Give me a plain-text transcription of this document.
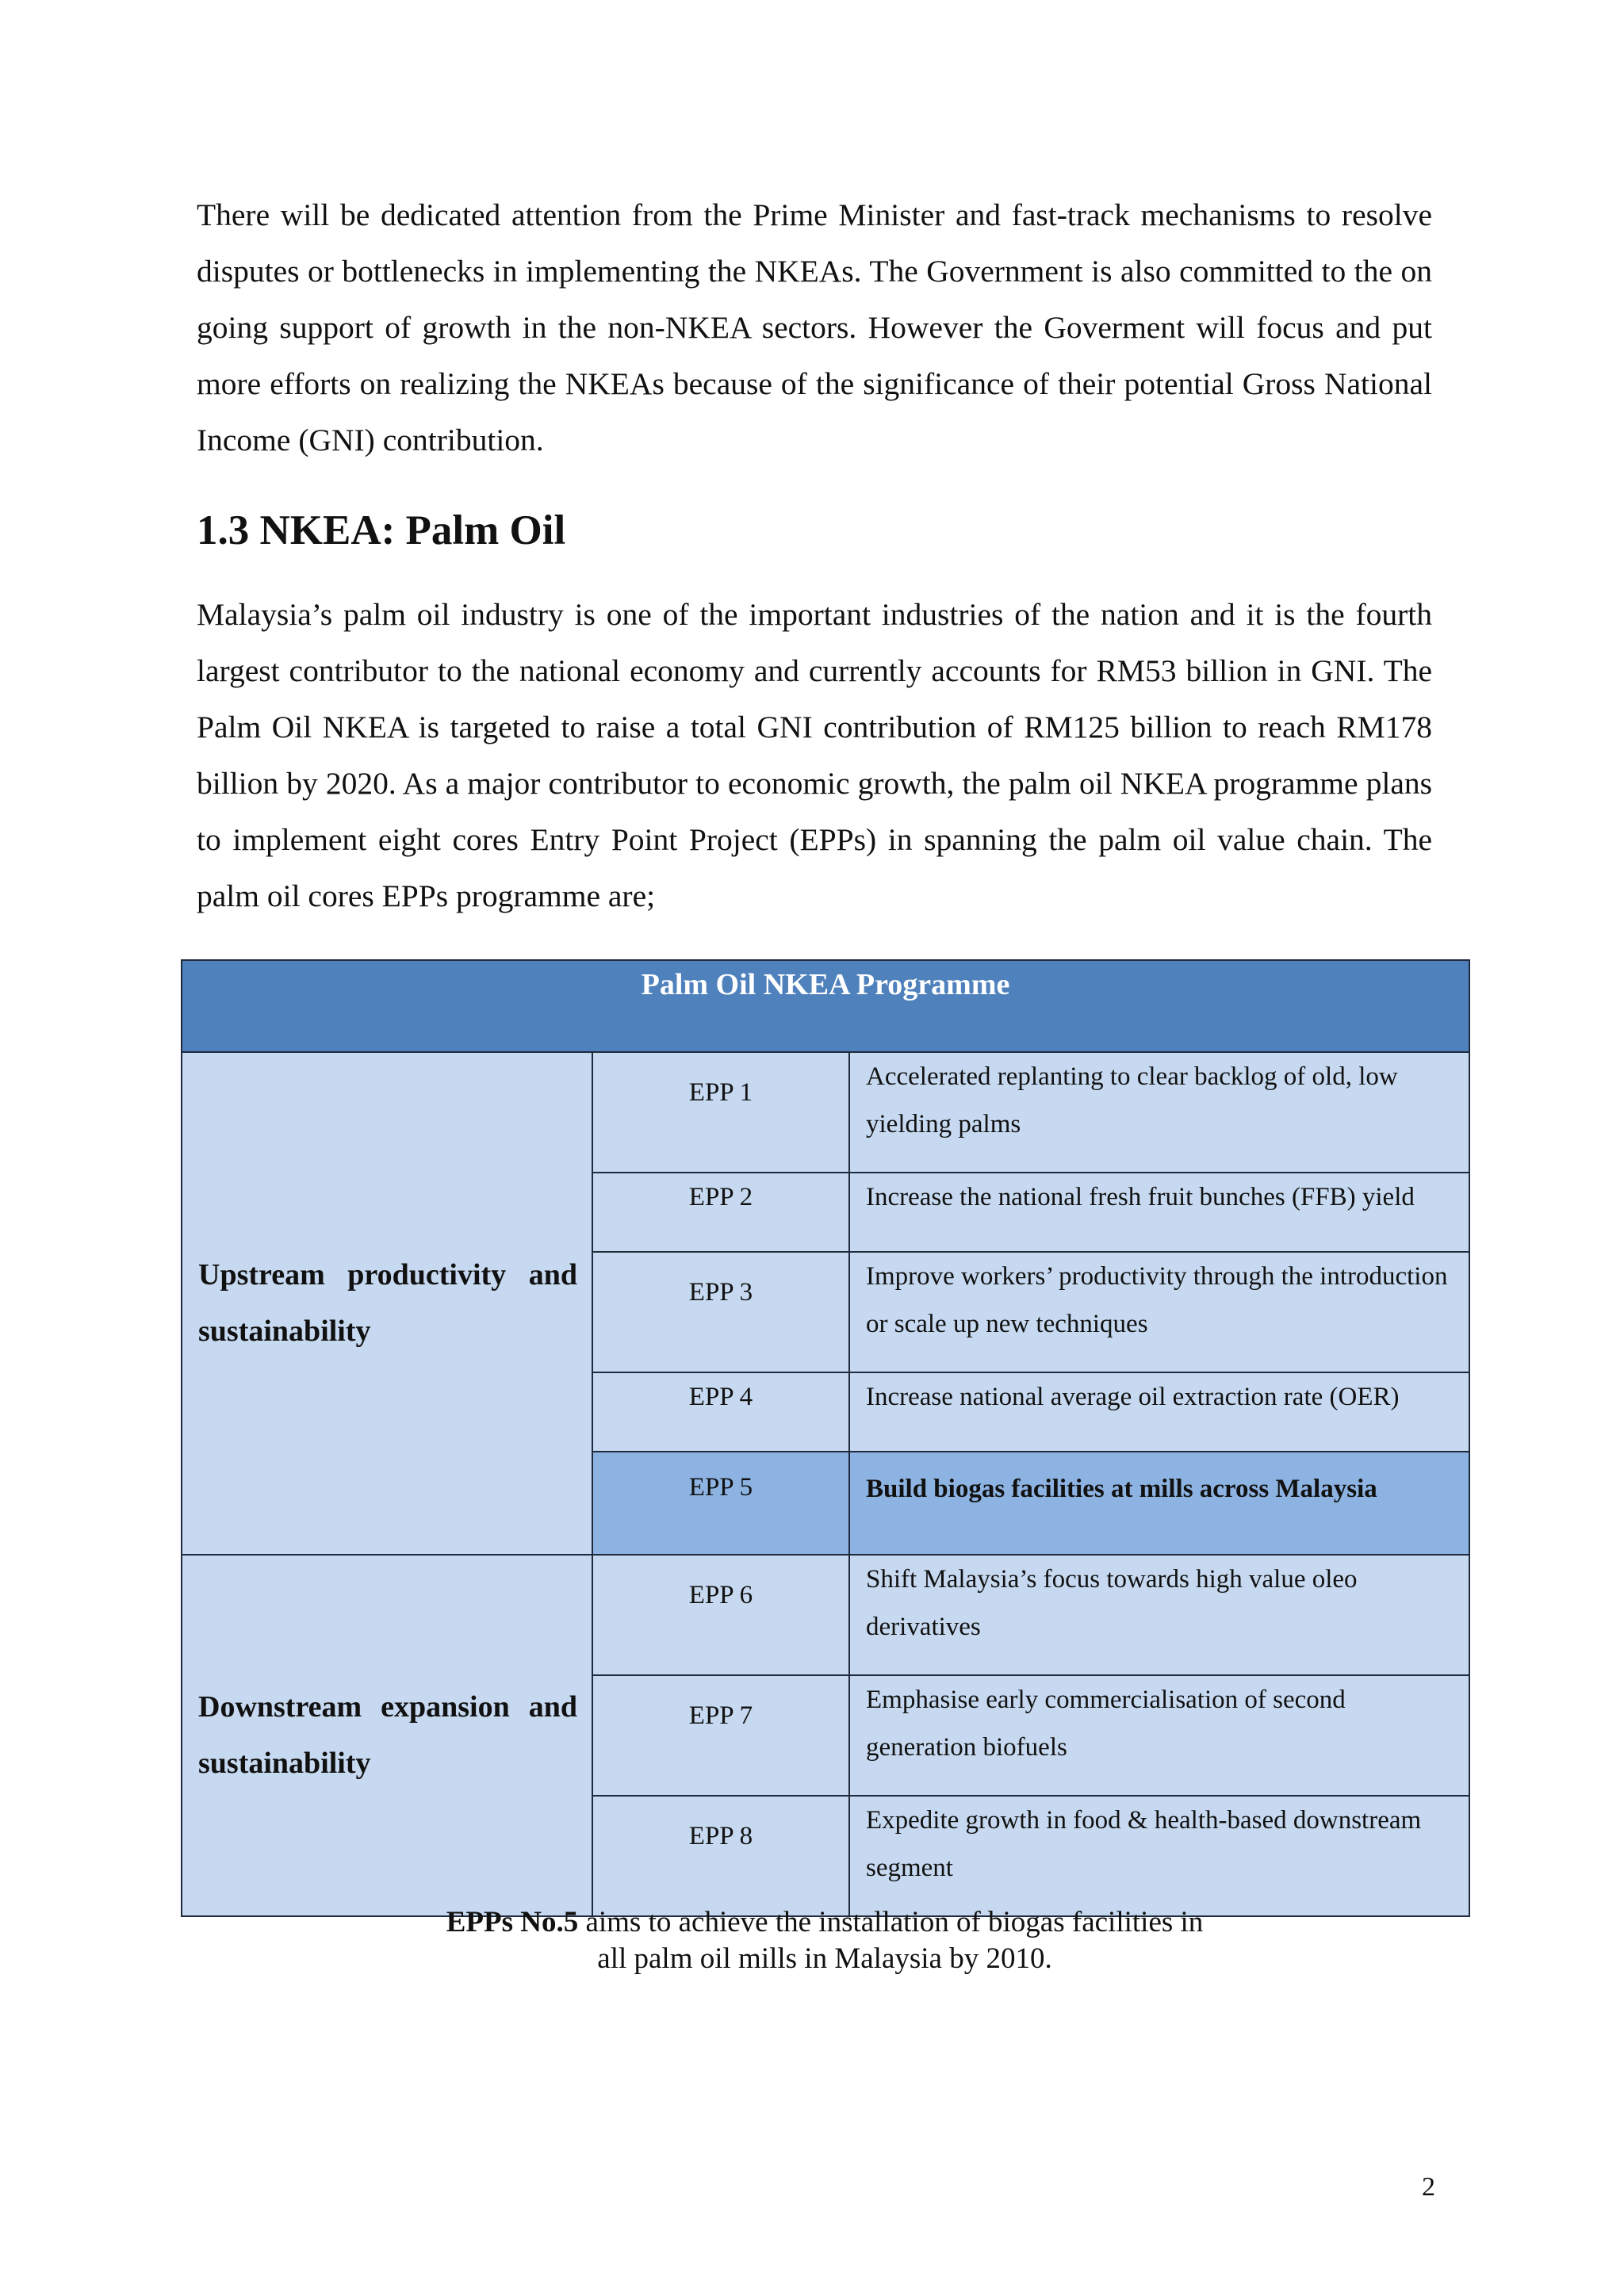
There will be dedicated attention from the Prime Minister and fast-track mechanisms to resolve disputes or bottlenecks in implementing the NKEAs. The Government is also committed to the on going support of growth in the non-NKEA sectors. However the Goverment will focus and put more efforts on realizing the NKEAs because of the significance of their potential Gross National Income (GNI) contribution.

1.3 NKEA: Palm Oil

Malaysia’s palm oil industry is one of the important industries of the nation and it is the fourth largest contributor to the national economy and currently accounts for RM53 billion in GNI. The Palm Oil NKEA is targeted to raise a total GNI contribution of RM125 billion to reach RM178 billion by 2020. As a major contributor to economic growth, the palm oil NKEA programme plans to implement eight cores Entry Point Project (EPPs) in spanning the palm oil value chain. The palm oil cores EPPs programme are;

Palm Oil NKEA Programme		
Upstream productivity and sustainability	EPP 1	Accelerated replanting to clear backlog of old, low yielding palms
	EPP 2	Increase the national fresh fruit bunches (FFB) yield
	EPP 3	Improve workers’ productivity through the introduction or scale up new techniques
	EPP 4	Increase national average oil extraction rate (OER)
	EPP 5	Build biogas facilities at mills across Malaysia
Downstream expansion and sustainability	EPP 6	Shift Malaysia’s focus towards high value oleo derivatives
	EPP 7	Emphasise early commercialisation of second generation biofuels
	EPP 8	Expedite growth in food & health-based downstream segment
EPPs No.5 aims to achieve the installation of biogas facilities in
all palm oil mills in Malaysia by 2010.
2
